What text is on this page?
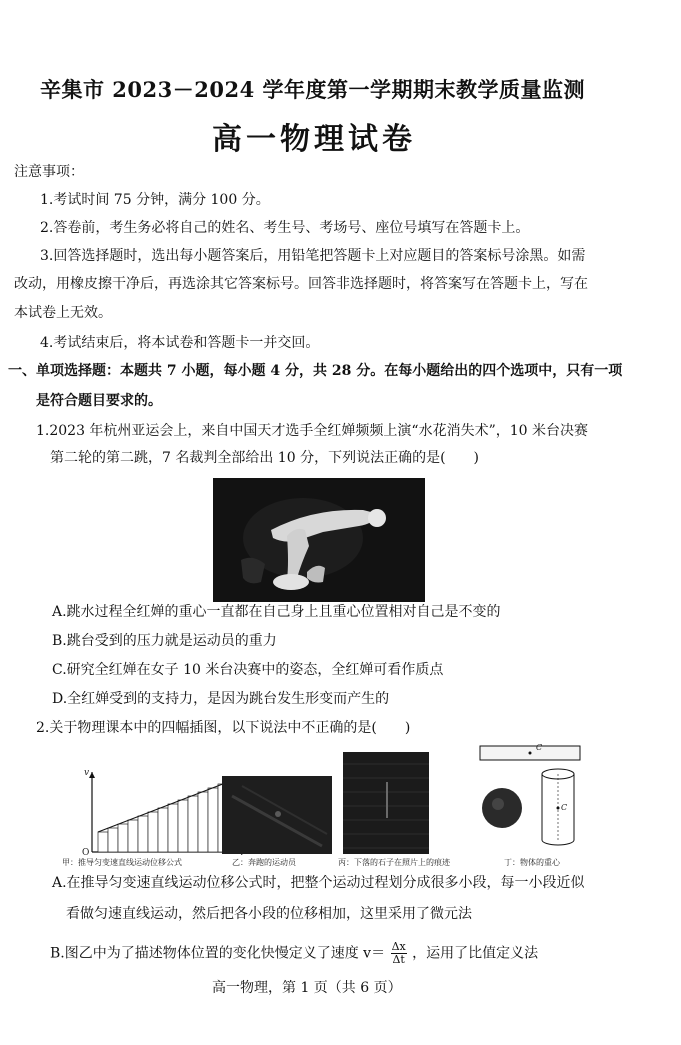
辛集市 2023－2024 学年度第一学期期末教学质量监测
高一物理试卷
注意事项：
1.考试时间 75 分钟，满分 100 分。
2.答卷前，考生务必将自己的姓名、考生号、考场号、座位号填写在答题卡上。
3.回答选择题时，选出每小题答案后，用铅笔把答题卡上对应题目的答案标号涂黑。如需
改动，用橡皮擦干净后，再选涂其它答案标号。回答非选择题时，将答案写在答题卡上，写在
本试卷上无效。
4.考试结束后，将本试卷和答题卡一并交回。
一、单项选择题：本题共 7 小题，每小题 4 分，共 28 分。在每小题给出的四个选项中，只有一项
是符合题目要求的。
1.2023 年杭州亚运会上，来自中国天才选手全红婵频频上演“水花消失术”，10 米台决赛
第二轮的第二跳，7 名裁判全部给出 10 分，下列说法正确的是(　　)
A.跳水过程全红婵的重心一直都在自己身上且重心位置相对自己是不变的
B.跳台受到的压力就是运动员的重力
C.研究全红婵在女子 10 米台决赛中的姿态，全红婵可看作质点
D.全红婵受到的支持力，是因为跳台发生形变而产生的
2.关于物理课本中的四幅插图，以下说法中不正确的是(　　)
v
O
甲：推导匀变速直线运动位移公式	乙：奔跑的运动员	丙：下落的石子在照片上的痕迹
C
C
丁：物体的重心
A.在推导匀变速直线运动位移公式时，把整个运动过程划分成很多小段，每一小段近似
看做匀速直线运动，然后把各小段的位移相加，这里采用了微元法
B.图乙中为了描述物体位置的变化快慢定义了速度 $v= \frac{\Delta x}{\Delta t}$ ，运用了比值定义法
高一物理，第 1 页（共 6 页）
